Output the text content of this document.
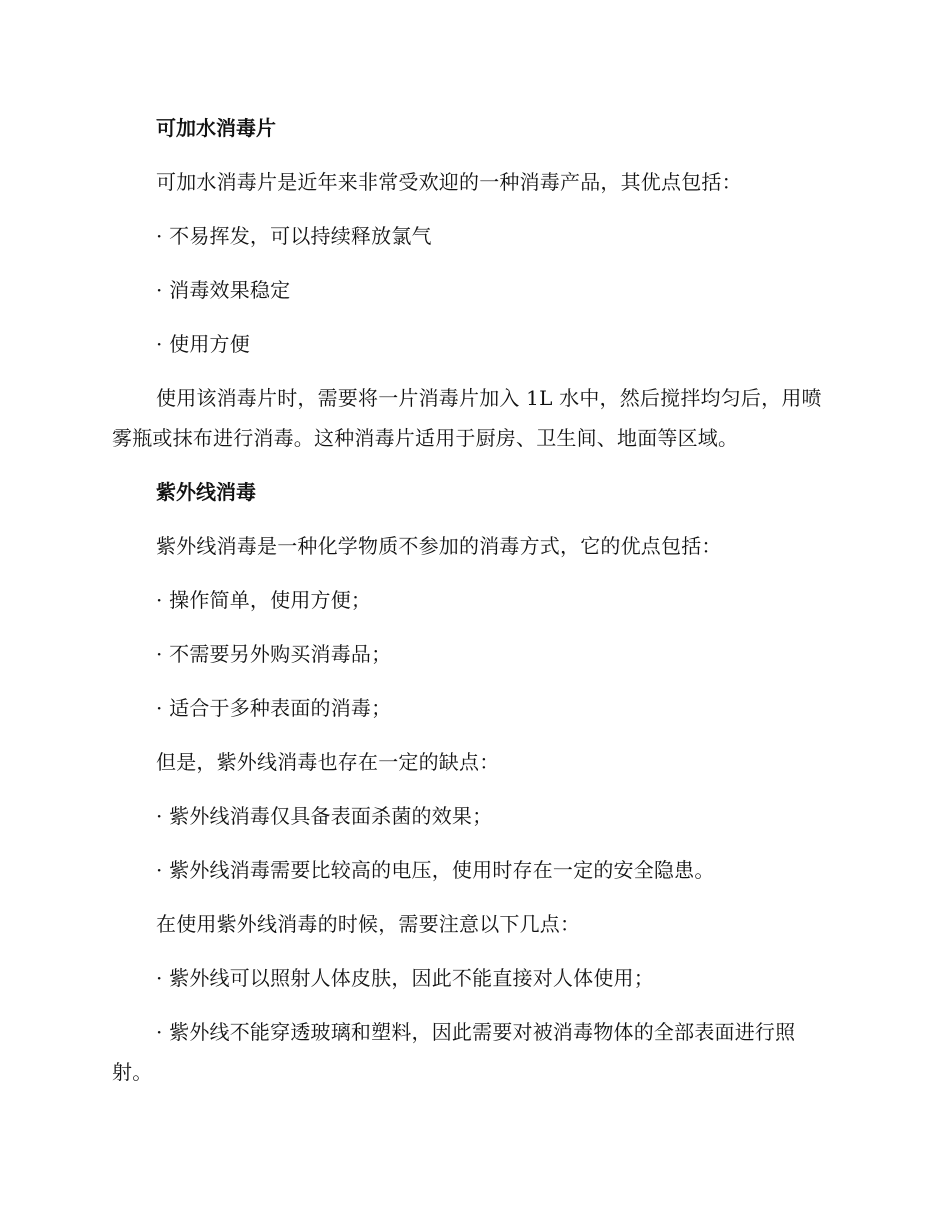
可加水消毒片

可加水消毒片是近年来非常受欢迎的一种消毒产品，其优点包括：

· 不易挥发，可以持续释放氯气

· 消毒效果稳定

· 使用方便

使用该消毒片时，需要将一片消毒片加入 1L 水中，然后搅拌均匀后，用喷雾瓶或抹布进行消毒。这种消毒片适用于厨房、卫生间、地面等区域。

紫外线消毒

紫外线消毒是一种化学物质不参加的消毒方式，它的优点包括：

· 操作简单，使用方便；

· 不需要另外购买消毒品；

· 适合于多种表面的消毒；

但是，紫外线消毒也存在一定的缺点：

· 紫外线消毒仅具备表面杀菌的效果；

· 紫外线消毒需要比较高的电压，使用时存在一定的安全隐患。

在使用紫外线消毒的时候，需要注意以下几点：

· 紫外线可以照射人体皮肤，因此不能直接对人体使用；

· 紫外线不能穿透玻璃和塑料，因此需要对被消毒物体的全部表面进行照射。
